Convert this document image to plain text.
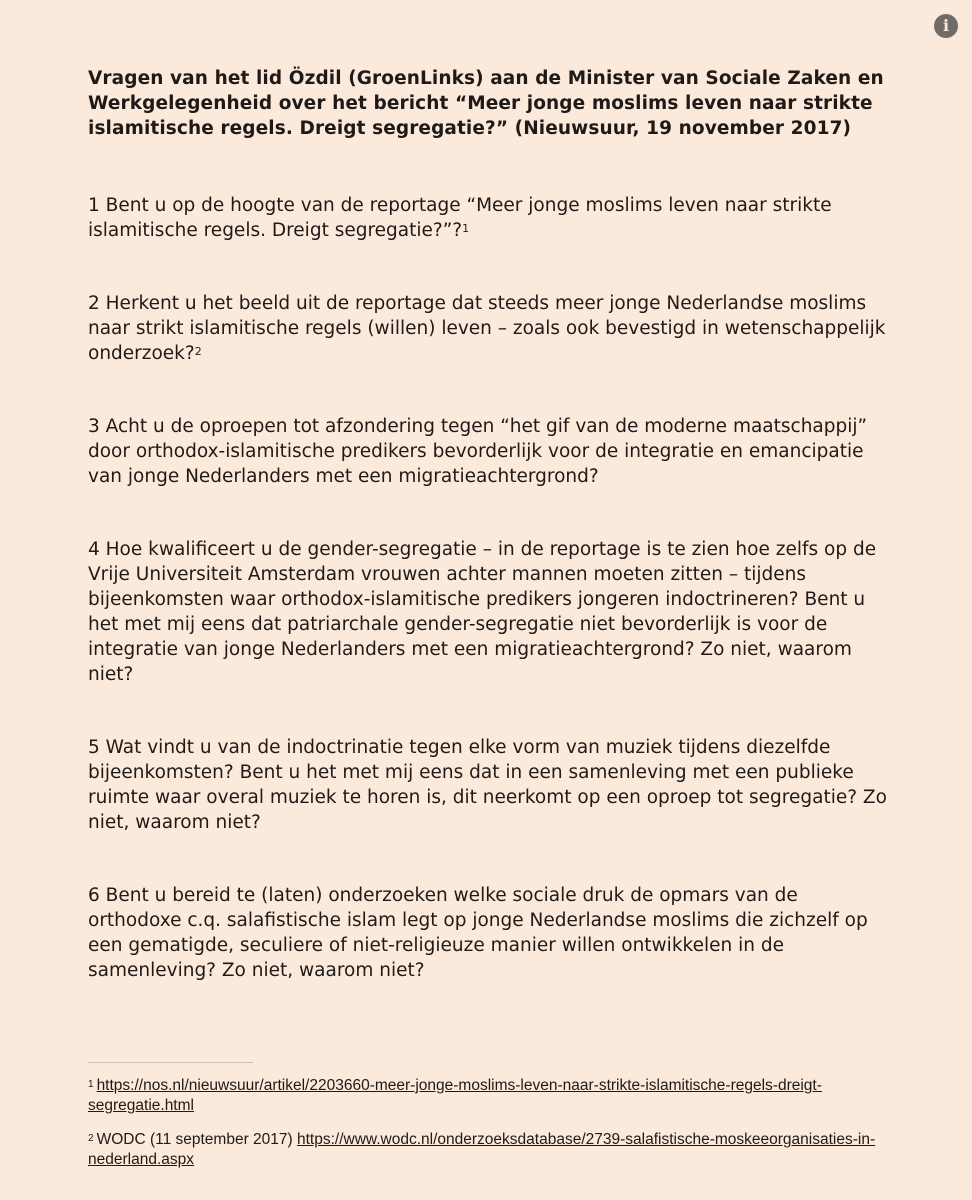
i

Vragen van het lid Özdil (GroenLinks) aan de Minister van Sociale Zaken en Werkgelegenheid over het bericht “Meer jonge moslims leven naar strikte islamitische regels. Dreigt segregatie?” (Nieuwsuur, 19 november 2017)

1 Bent u op de hoogte van de reportage “Meer jonge moslims leven naar strikte islamitische regels. Dreigt segregatie?”?$^1$

2 Herkent u het beeld uit de reportage dat steeds meer jonge Nederlandse moslims naar strikt islamitische regels (willen) leven – zoals ook bevestigd in wetenschappelijk onderzoek?$^2$

3 Acht u de oproepen tot afzondering tegen “het gif van de moderne maatschappij” door orthodox-islamitische predikers bevorderlijk voor de integratie en emancipatie van jonge Nederlanders met een migratieachtergrond?

4 Hoe kwalificeert u de gender-segregatie – in de reportage is te zien hoe zelfs op de Vrije Universiteit Amsterdam vrouwen achter mannen moeten zitten – tijdens bijeenkomsten waar orthodox-islamitische predikers jongeren indoctrineren? Bent u het met mij eens dat patriarchale gender-segregatie niet bevorderlijk is voor de integratie van jonge Nederlanders met een migratieachtergrond? Zo niet, waarom niet?

5 Wat vindt u van de indoctrinatie tegen elke vorm van muziek tijdens diezelfde bijeenkomsten? Bent u het met mij eens dat in een samenleving met een publieke ruimte waar overal muziek te horen is, dit neerkomt op een oproep tot segregatie? Zo niet, waarom niet?

6 Bent u bereid te (laten) onderzoeken welke sociale druk de opmars van de orthodoxe c.q. salafistische islam legt op jonge Nederlandse moslims die zichzelf op een gematigde, seculiere of niet-religieuze manier willen ontwikkelen in de samenleving? Zo niet, waarom niet?

$^1$ https://nos.nl/nieuwsuur/artikel/2203660-meer-jonge-moslims-leven-naar-strikte-islamitische-regels-dreigt-segregatie.html

$^2$ WODC (11 september 2017) https://www.wodc.nl/onderzoeksdatabase/2739-salafistische-moskeeorganisaties-in-nederland.aspx
